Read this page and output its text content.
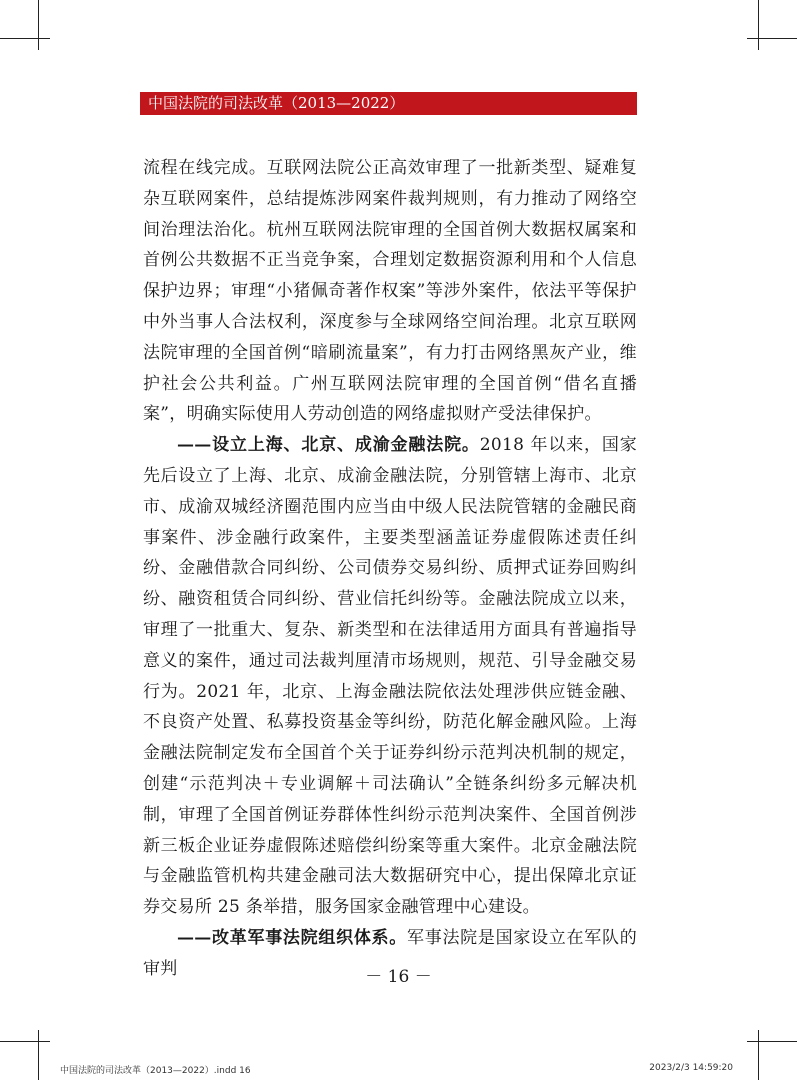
中国法院的司法改革（2013—2022）

流程在线完成。互联网法院公正高效审理了一批新类型、疑难复杂互联网案件，总结提炼涉网案件裁判规则，有力推动了网络空间治理法治化。杭州互联网法院审理的全国首例大数据权属案和首例公共数据不正当竞争案，合理划定数据资源利用和个人信息保护边界；审理“小猪佩奇著作权案”等涉外案件，依法平等保护中外当事人合法权利，深度参与全球网络空间治理。北京互联网法院审理的全国首例“暗刷流量案”，有力打击网络黑灰产业，维护社会公共利益。广州互联网法院审理的全国首例“借名直播案”，明确实际使用人劳动创造的网络虚拟财产受法律保护。

——设立上海、北京、成渝金融法院。2018 年以来，国家先后设立了上海、北京、成渝金融法院，分别管辖上海市、北京市、成渝双城经济圈范围内应当由中级人民法院管辖的金融民商事案件、涉金融行政案件，主要类型涵盖证券虚假陈述责任纠纷、金融借款合同纠纷、公司债券交易纠纷、质押式证券回购纠纷、融资租赁合同纠纷、营业信托纠纷等。金融法院成立以来，审理了一批重大、复杂、新类型和在法律适用方面具有普遍指导意义的案件，通过司法裁判厘清市场规则，规范、引导金融交易行为。2021 年，北京、上海金融法院依法处理涉供应链金融、不良资产处置、私募投资基金等纠纷，防范化解金融风险。上海金融法院制定发布全国首个关于证券纠纷示范判决机制的规定，创建“示范判决＋专业调解＋司法确认”全链条纠纷多元解决机制，审理了全国首例证券群体性纠纷示范判决案件、全国首例涉新三板企业证券虚假陈述赔偿纠纷案等重大案件。北京金融法院与金融监管机构共建金融司法大数据研究中心，提出保障北京证券交易所 25 条举措，服务国家金融管理中心建设。

——改革军事法院组织体系。军事法院是国家设立在军队的审判	－ 16 －
中国法院的司法改革（2013—2022）.indd 16	2023/2/3 14:59:20
